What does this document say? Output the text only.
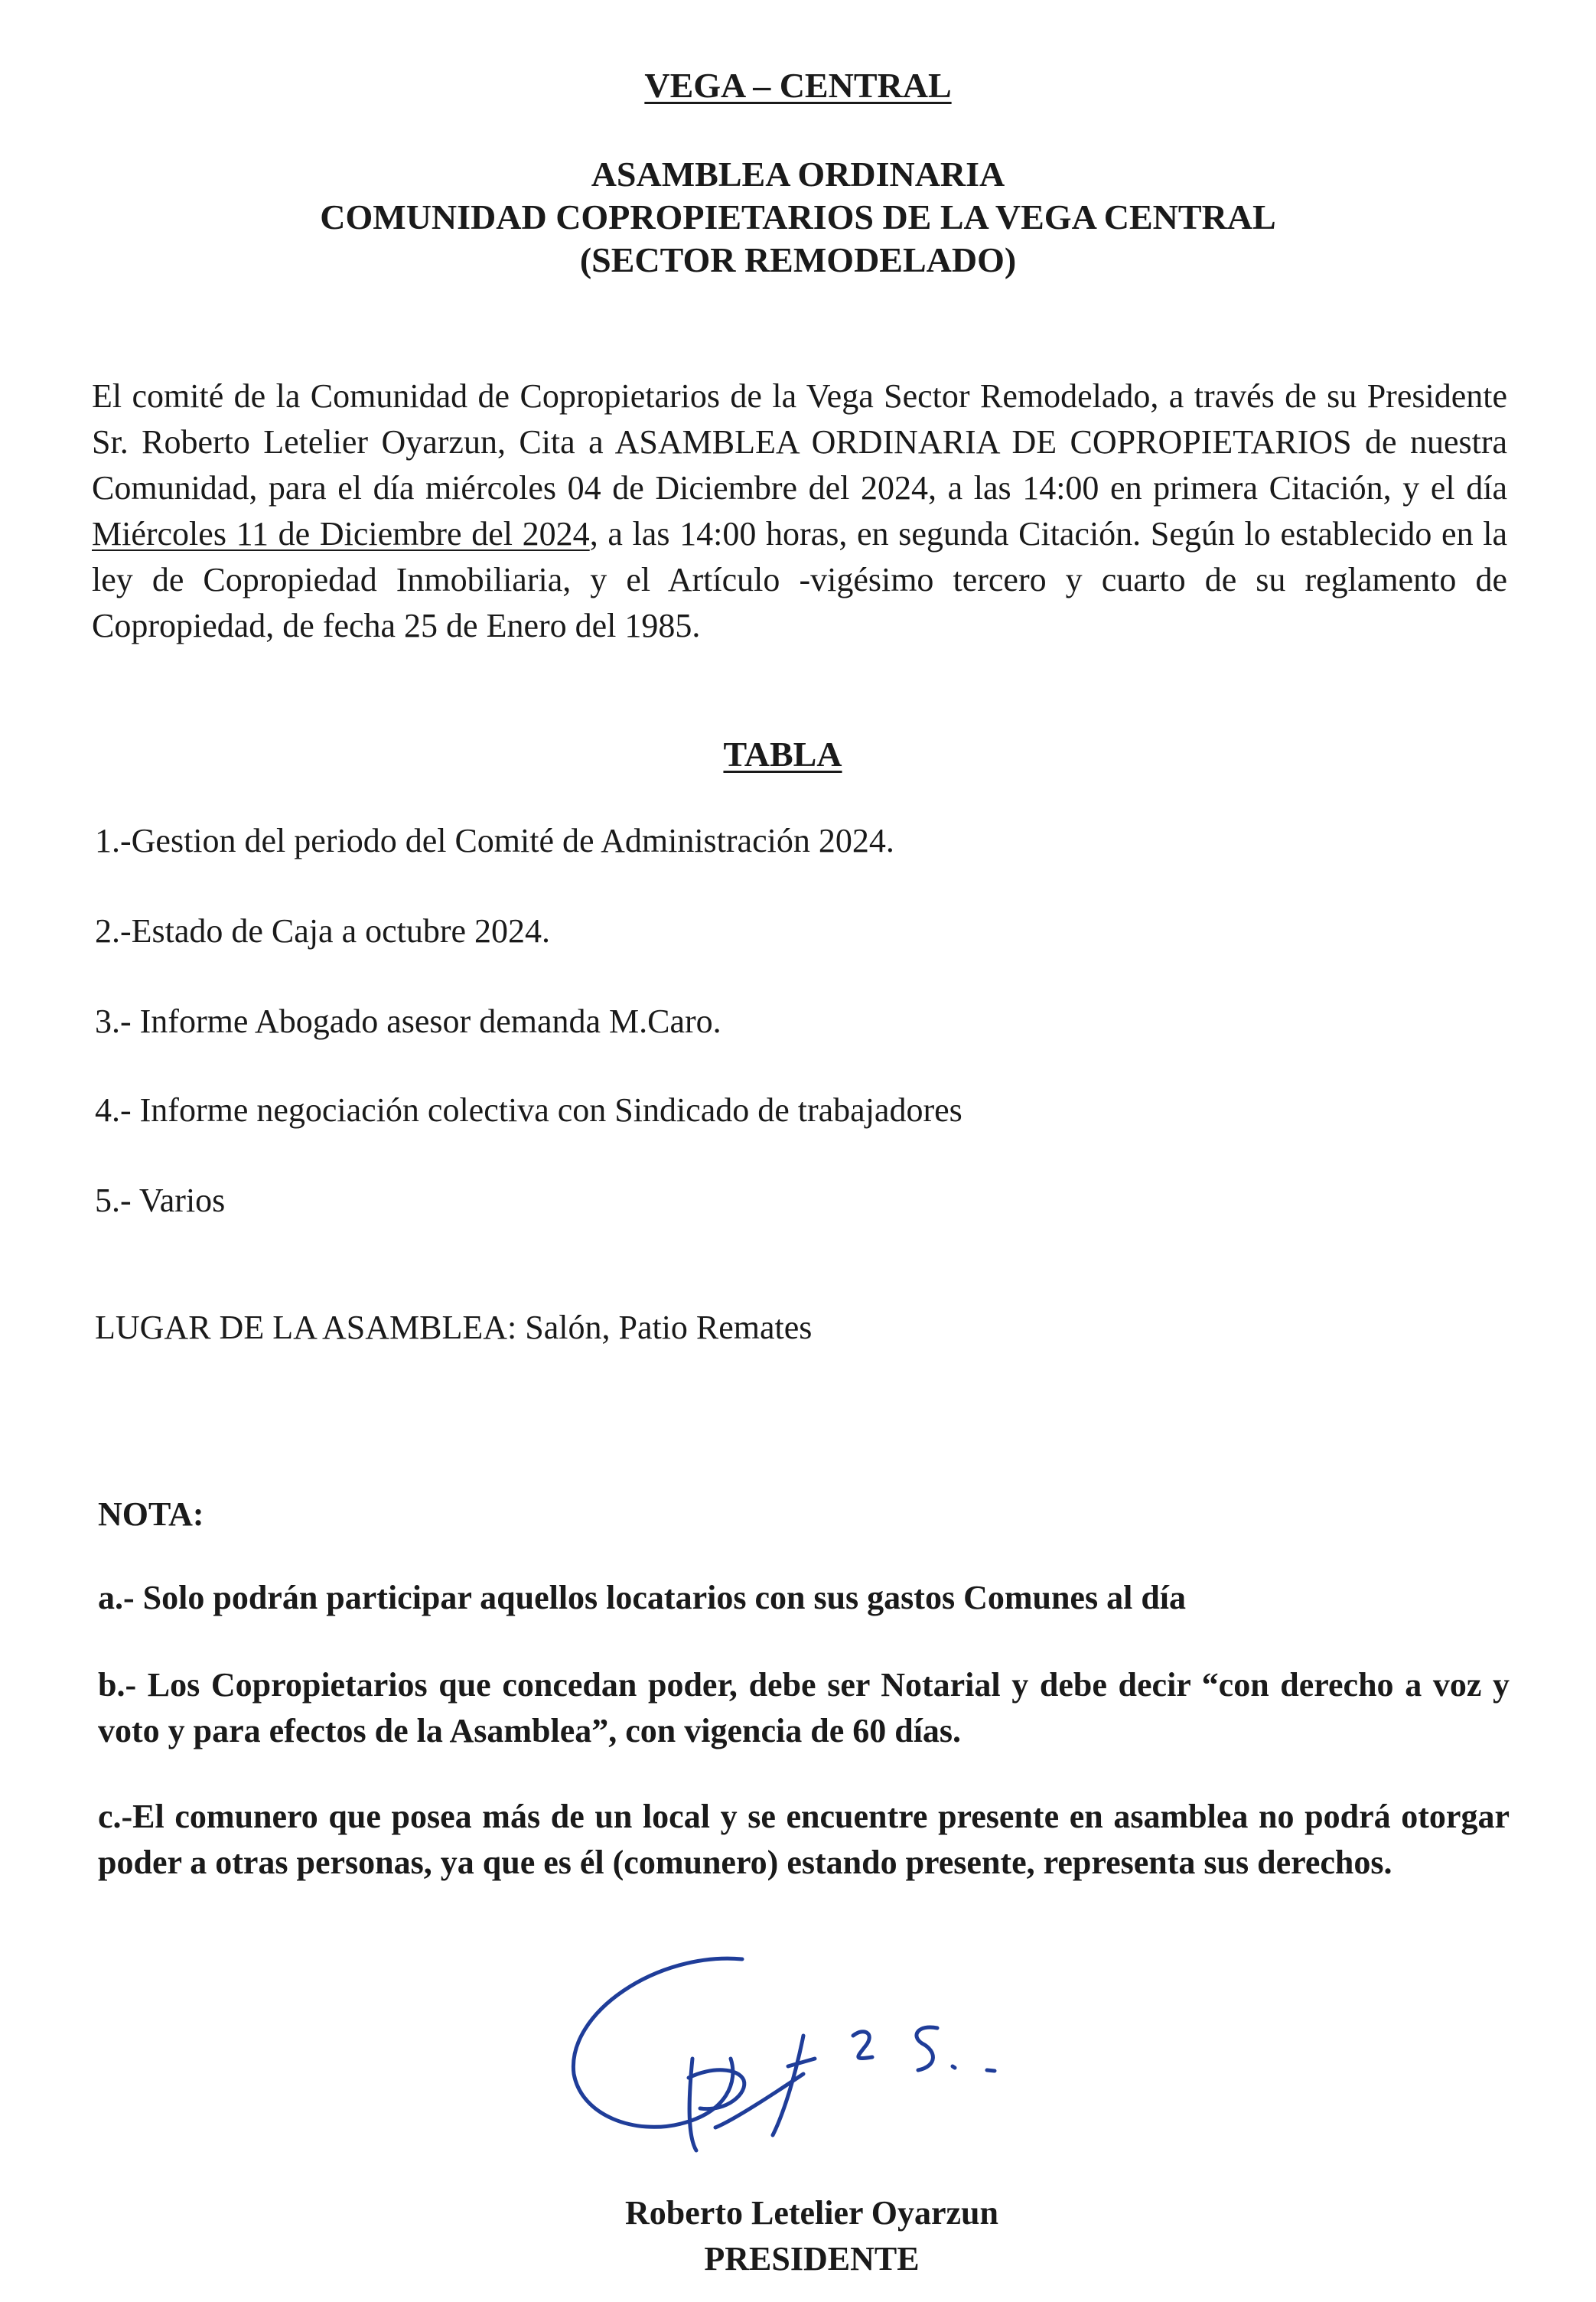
VEGA – CENTRAL
ASAMBLEA ORDINARIA
COMUNIDAD COPROPIETARIOS DE LA VEGA CENTRAL
(SECTOR REMODELADO)

El comité de la Comunidad de Copropietarios de la Vega Sector Remodelado, a través de su Presidente Sr. Roberto Letelier Oyarzun, Cita a ASAMBLEA ORDINARIA DE COPROPIETARIOS de nuestra Comunidad, para el día miércoles 04 de Diciembre del 2024, a las 14:00 en primera Citación, y el día Miércoles 11 de Diciembre del 2024, a las 14:00 horas, en segunda Citación. Según lo establecido en la ley de Copropiedad Inmobiliaria, y el Artículo -vigésimo tercero y cuarto de su reglamento de Copropiedad, de fecha 25 de Enero del 1985.

TABLA

1.-Gestion del periodo del Comité de Administración 2024.

2.-Estado de Caja a octubre 2024.

3.- Informe Abogado asesor demanda M.Caro.

4.- Informe negociación colectiva con Sindicado de trabajadores

5.- Varios

LUGAR DE LA ASAMBLEA: Salón, Patio Remates
NOTA:

a.- Solo podrán participar aquellos locatarios con sus gastos Comunes al día

b.- Los Copropietarios que concedan poder, debe ser Notarial y debe decir “con derecho a voz y voto y para efectos de la Asamblea”, con vigencia de 60 días.

c.-El comunero que posea más de un local y se encuentre presente en asamblea no podrá otorgar poder a otras personas, ya que es él (comunero) estando presente, representa sus derechos.

Roberto Letelier Oyarzun
PRESIDENTE
